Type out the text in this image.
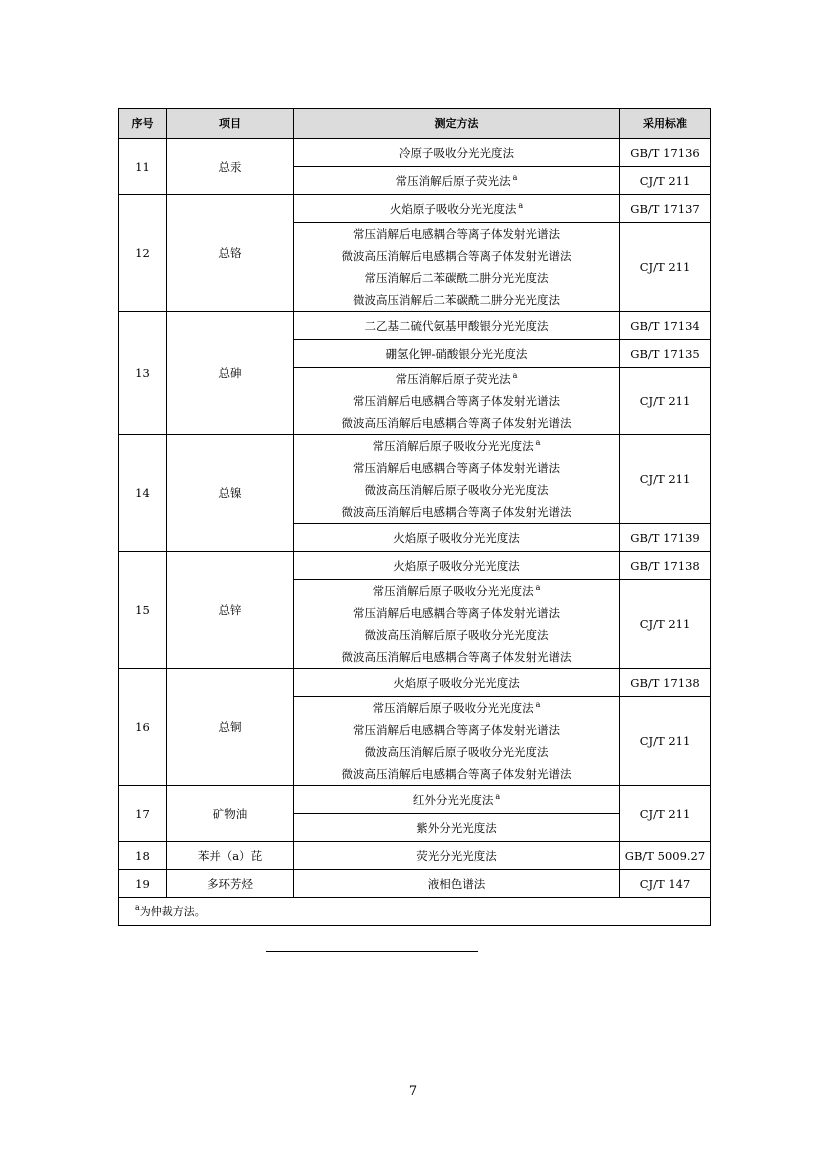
序号	项目	测定方法	采用标准
11	总汞	冷原子吸收分光光度法	GB/T 17136
		常压消解后原子荧光法 $^a$	CJ/T 211
12	总铬	火焰原子吸收分光光度法 $^a$	GB/T 17137

		常压消解后电感耦合等离子体发射光谱法
微波高压消解后电感耦合等离子体发射光谱法
常压消解后二苯碳酰二肼分光光度法
微波高压消解后二苯碳酰二肼分光光度法	CJ/T 211
13	总砷	二乙基二硫代氨基甲酸银分光光度法	GB/T 17134
		硼氢化钾-硝酸银分光光度法	GB/T 17135

		常压消解后原子荧光法 $^a$
常压消解后电感耦合等离子体发射光谱法
微波高压消解后电感耦合等离子体发射光谱法	CJ/T 211
14	总镍	常压消解后原子吸收分光光度法 $^a$
常压消解后电感耦合等离子体发射光谱法
微波高压消解后原子吸收分光光度法
微波高压消解后电感耦合等离子体发射光谱法	CJ/T 211
		火焰原子吸收分光光度法	GB/T 17139
15	总锌	火焰原子吸收分光光度法	GB/T 17138

		常压消解后原子吸收分光光度法 $^a$
常压消解后电感耦合等离子体发射光谱法
微波高压消解后原子吸收分光光度法
微波高压消解后电感耦合等离子体发射光谱法	CJ/T 211
16	总铜	火焰原子吸收分光光度法	GB/T 17138

		常压消解后原子吸收分光光度法 $^a$
常压消解后电感耦合等离子体发射光谱法
微波高压消解后原子吸收分光光度法
微波高压消解后电感耦合等离子体发射光谱法	CJ/T 211
17	矿物油	红外分光光度法 $^a$	CJ/T 211
		紫外分光光度法	
18	苯并（a）芘	荧光分光光度法	GB/T 5009.27
19	多环芳烃	液相色谱法	CJ/T 147
$^a$为仲裁方法。			
7
